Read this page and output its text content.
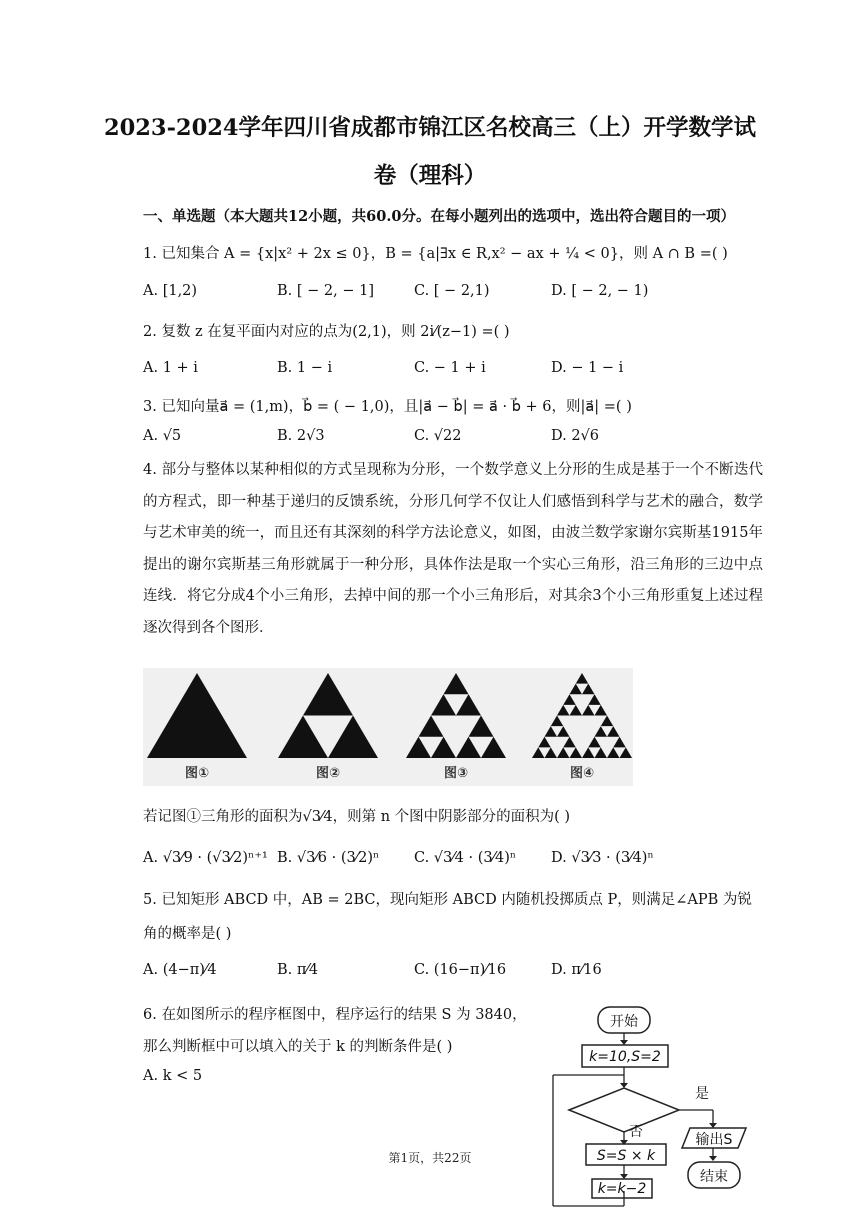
2023-2024学年四川省成都市锦江区名校高三（上）开学数学试
卷（理科）
一、单选题（本大题共12小题，共60.0分。在每小题列出的选项中，选出符合题目的一项）
1. 已知集合 A = {x|x² + 2x ≤ 0}，B = {a|∃x ∈ R,x² − ax + ¼ < 0}，则 A ∩ B =( )
A. [1,2)	B. [ − 2, − 1]	C. [ − 2,1)	D. [ − 2, − 1)
2. 复数 z 在复平面内对应的点为(2,1)，则 2i⁄(z−1) =( )
A. 1 + i	B. 1 − i	C. − 1 + i	D. − 1 − i
3. 已知向量a⃗ = (1,m)，b⃗ = ( − 1,0)，且|a⃗ − b⃗| = a⃗ · b⃗ + 6，则|a⃗| =( )
A. √5	B. 2√3	C. √22	D. 2√6
4. 部分与整体以某种相似的方式呈现称为分形，一个数学意义上分形的生成是基于一个不断迭代的方程式，即一种基于递归的反馈系统，分形几何学不仅让人们感悟到科学与艺术的融合，数学与艺术审美的统一，而且还有其深刻的科学方法论意义，如图，由波兰数学家谢尔宾斯基1915年提出的谢尔宾斯基三角形就属于一种分形，具体作法是取一个实心三角形，沿三角形的三边中点连线．将它分成4个小三角形，去掉中间的那一个小三角形后，对其余3个小三角形重复上述过程逐次得到各个图形．
图①	图②	图③	图④
若记图①三角形的面积为√3⁄4，则第 n 个图中阴影部分的面积为( )
A. √3⁄9 · (√3⁄2)ⁿ⁺¹ B. √3⁄6 · (3⁄2)ⁿ C. √3⁄4 · (3⁄4)ⁿ D. √3⁄3 · (3⁄4)ⁿ
5. 已知矩形 ABCD 中，AB = 2BC，现向矩形 ABCD 内随机投掷质点 P，则满足∠APB 为锐
角的概率是( )
A. (4−π)⁄4	B. π⁄4	C. (16−π)⁄16	D. π⁄16
6. 在如图所示的程序框图中，程序运行的结果 S 为 3840，
那么判断框中可以填入的关于 k 的判断条件是( )
A. k < 5
开始
k=10,S=2
是
否
S=S × k
k=k−2
输出S
结束
第1页，共22页
